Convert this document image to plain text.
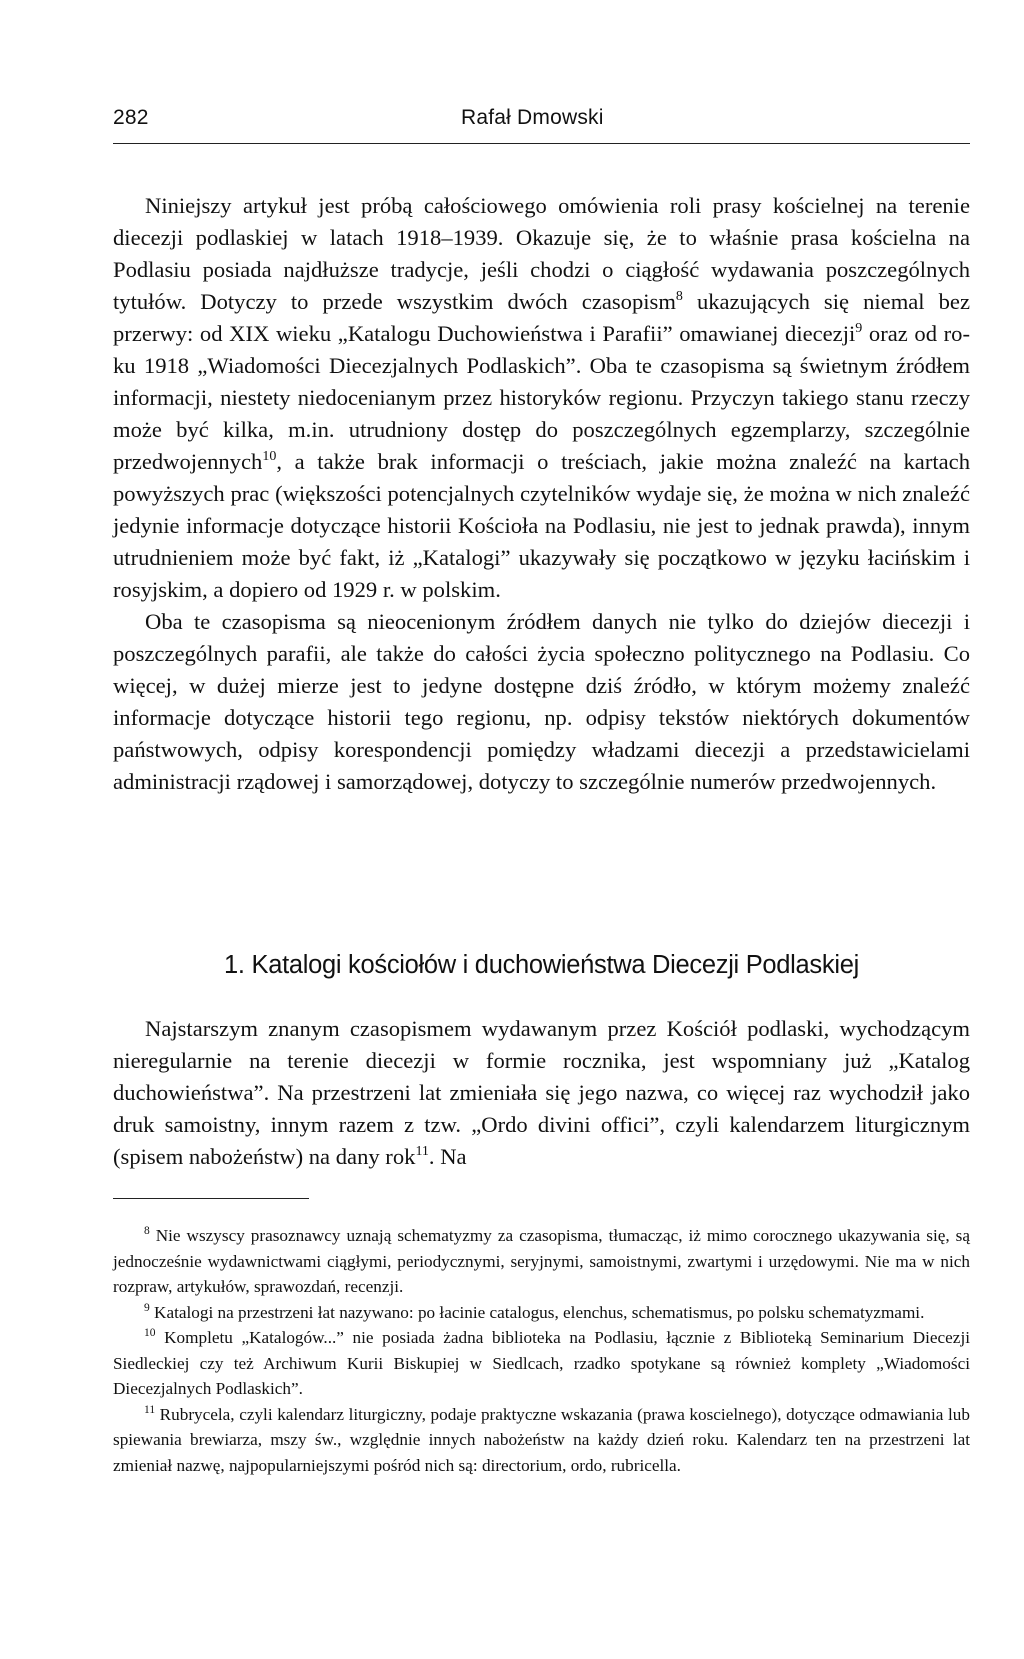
282	Rafał Dmowski

Niniejszy artykuł jest próbą całościowego omówienia roli prasy kościelnej na terenie diecezji podlaskiej w latach 1918–1939. Okazuje się, że to właśnie prasa kościelna na Podlasiu posiada najdłuższe tradycje, jeśli chodzi o ciągłość wydawania poszczególnych tytułów. Dotyczy to przede wszystkim dwóch czasopism$^8$ ukazujących się niemal bez przerwy: od XIX wieku „Katalogu Duchowieństwa i Parafii” omawianej diecezji$^9$ oraz od roku 1918 „Wiadomości Diecezjalnych Podlaskich”. Oba te czasopisma są świetnym źródłem informacji, niestety niedocenianym przez historyków regionu. Przyczyn takiego stanu rzeczy może być kilka, m.in. utrudniony dostęp do poszczególnych egzemplarzy, szczególnie przedwojennych$^{10}$, a także brak informacji o treściach, jakie można znaleźć na kartach powyższych prac (większości potencjalnych czytelników wydaje się, że można w nich znaleźć jedynie informacje dotyczące historii Kościoła na Podlasiu, nie jest to jednak prawda), innym utrudnieniem może być fakt, iż „Katalogi” ukazywały się początkowo w języku łacińskim i rosyjskim, a dopiero od 1929 r. w polskim.

Oba te czasopisma są nieocenionym źródłem danych nie tylko do dziejów diecezji i poszczególnych parafii, ale także do całości życia społeczno politycznego na Podlasiu. Co więcej, w dużej mierze jest to jedyne dostępne dziś źródło, w którym możemy znaleźć informacje dotyczące historii tego regionu, np. odpisy tekstów niektórych dokumentów państwowych, odpisy korespondencji pomiędzy władzami diecezji a przedstawicielami administracji rządowej i samorządowej, dotyczy to szczególnie numerów przedwojennych.

1. Katalogi kościołów i duchowieństwa Diecezji Podlaskiej

Najstarszym znanym czasopismem wydawanym przez Kościół podlaski, wychodzącym nieregularnie na terenie diecezji w formie rocznika, jest wspomniany już „Katalog duchowieństwa”. Na przestrzeni lat zmieniała się jego nazwa, co więcej raz wychodził jako druk samoistny, innym razem z tzw. „Ordo divini offici”, czyli kalendarzem liturgicznym (spisem nabożeństw) na dany rok$^{11}$. Na

$^8$ Nie wszyscy prasoznawcy uznają schematyzmy za czasopisma, tłumacząc, iż mimo corocznego ukazywania się, są jednocześnie wydawnictwami ciągłymi, periodycznymi, seryjnymi, samoistnymi, zwartymi i urzędowymi. Nie ma w nich rozpraw, artykułów, sprawozdań, recenzji.

$^9$ Katalogi na przestrzeni łat nazywano: po łacinie catalogus, elenchus, schematismus, po polsku schematyzmami.

$^{10}$ Kompletu „Katalogów...” nie posiada żadna biblioteka na Podlasiu, łącznie z Biblioteką Seminarium Diecezji Siedleckiej czy też Archiwum Kurii Biskupiej w Siedlcach, rzadko spotykane są również komplety „Wiadomości Diecezjalnych Podlaskich”.

$^{11}$ Rubrycela, czyli kalendarz liturgiczny, podaje praktyczne wskazania (prawa koscielnego), dotyczące odmawiania lub spiewania brewiarza, mszy św., względnie innych nabożeństw na każdy dzień roku. Kalendarz ten na przestrzeni lat zmieniał nazwę, najpopularniejszymi pośród nich są: directorium, ordo, rubricella.
